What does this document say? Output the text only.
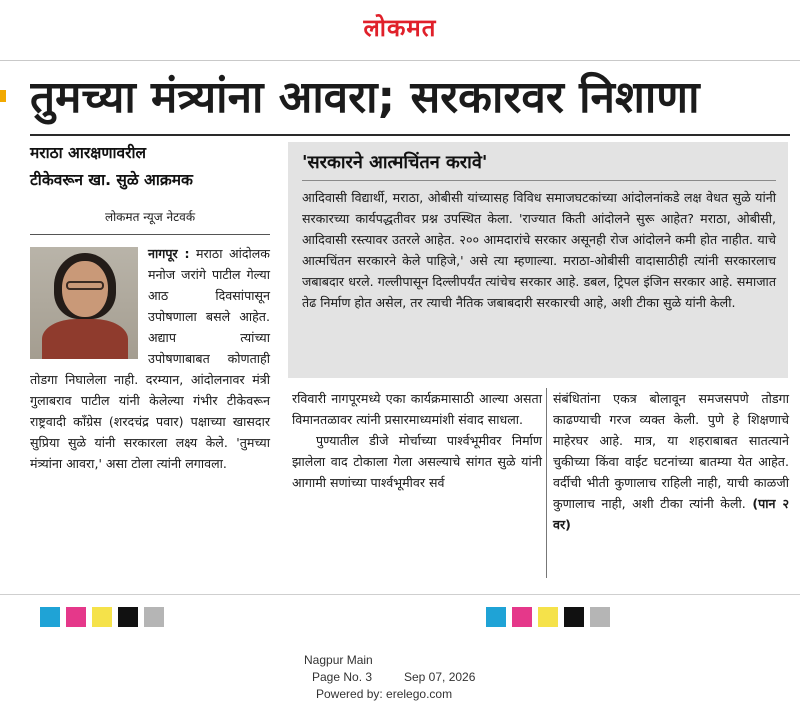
लोकमत
तुमच्या मंत्र्यांना आवरा; सरकारवर निशाणा
मराठा आरक्षणावरील
टीकेवरून खा. सुळे आक्रमक
लोकमत न्यूज नेटवर्क
नागपूर : मराठा आंदोलक मनोज जरांगे पाटील गेल्या आठ दिवसांपासून उपोषणाला बसले आहेत. अद्याप त्यांच्या उपोषणाबाबत कोणताही तोडगा निघालेला नाही. दरम्यान, आंदोलनावर मंत्री गुलाबराव पाटील यांनी केलेल्या गंभीर टीकेवरून राष्ट्रवादी काँग्रेस (शरदचंद्र पवार) पक्षाच्या खासदार सुप्रिया सुळे यांनी सरकारला लक्ष्य केले. 'तुमच्या मंत्र्यांना आवरा,' असा टोला त्यांनी लगावला.
'सरकारने आत्मचिंतन करावे'
आदिवासी विद्यार्थी, मराठा, ओबीसी यांच्यासह विविध समाजघटकांच्या आंदोलनांकडे लक्ष वेधत सुळे यांनी सरकारच्या कार्यपद्धतीवर प्रश्न उपस्थित केला. 'राज्यात किती आंदोलने सुरू आहेत? मराठा, ओबीसी, आदिवासी रस्त्यावर उतरले आहेत. २०० आमदारांचे सरकार असूनही रोज आंदोलने कमी होत नाहीत. याचे आत्मचिंतन सरकारने केले पाहिजे,' असे त्या म्हणाल्या. मराठा-ओबीसी वादासाठीही त्यांनी सरकारलाच जबाबदार धरले. गल्लीपासून दिल्लीपर्यंत त्यांचेच सरकार आहे. डबल, ट्रिपल इंजिन सरकार आहे. समाजात तेढ निर्माण होत असेल, तर त्याची नैतिक जबाबदारी सरकारची आहे, अशी टीका सुळे यांनी केली.

रविवारी नागपूरमध्ये एका कार्यक्रमासाठी आल्या असता विमानतळावर त्यांनी प्रसारमाध्यमांशी संवाद साधला.

पुण्यातील डीजे मोर्चाच्या पार्श्वभूमीवर निर्माण झालेला वाद टोकाला गेला असल्याचे सांगत सुळे यांनी आगामी सणांच्या पार्श्वभूमीवर सर्व

संबंधितांना एकत्र बोलावून समजसपणे तोडगा काढण्याची गरज व्यक्त केली. पुणे हे शिक्षणाचे माहेरघर आहे. मात्र, या शहराबाबत सातत्याने चुकीच्या किंवा वाईट घटनांच्या बातम्या येत आहेत. वर्दीची भीती कुणालाच राहिली नाही, याची काळजी कुणालाच नाही, अशी टीका त्यांनी केली. (पान २ वर)
Nagpur Main
Page No. 3	Sep 07, 2026
Powered by: erelego.com
